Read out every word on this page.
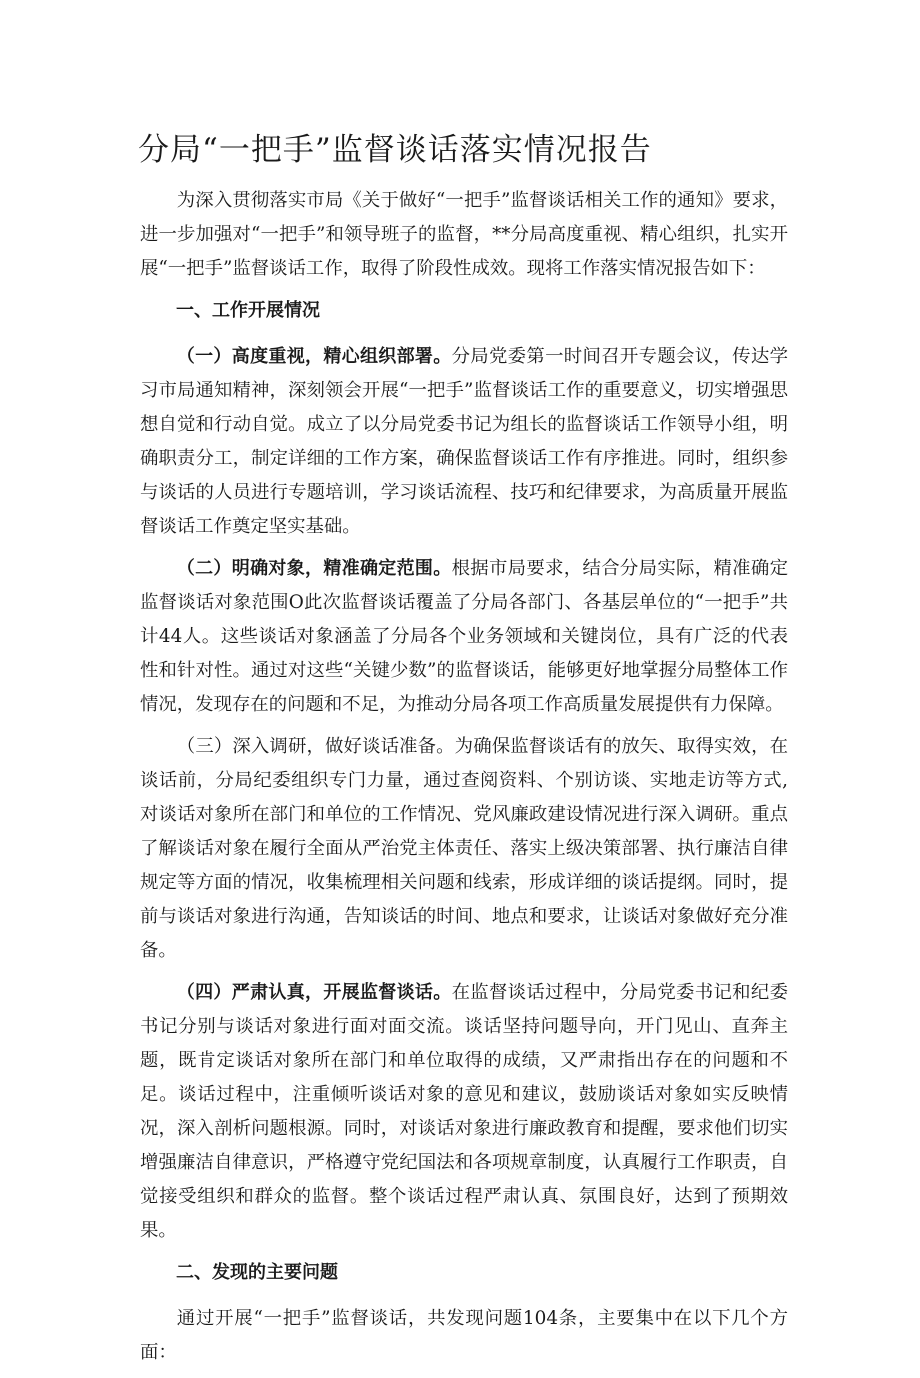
分局“一把手”监督谈话落实情况报告

为深入贯彻落实市局《关于做好“一把手”监督谈话相关工作的通知》要求，进一步加强对“一把手”和领导班子的监督，**分局高度重视、精心组织，扎实开展“一把手”监督谈话工作，取得了阶段性成效。现将工作落实情况报告如下：

一、工作开展情况

（一）高度重视，精心组织部署。分局党委第一时间召开专题会议，传达学习市局通知精神，深刻领会开展“一把手”监督谈话工作的重要意义，切实增强思想自觉和行动自觉。成立了以分局党委书记为组长的监督谈话工作领导小组，明确职责分工，制定详细的工作方案，确保监督谈话工作有序推进。同时，组织参与谈话的人员进行专题培训，学习谈话流程、技巧和纪律要求，为高质量开展监督谈话工作奠定坚实基础。

（二）明确对象，精准确定范围。根据市局要求，结合分局实际，精准确定监督谈话对象范围O此次监督谈话覆盖了分局各部门、各基层单位的“一把手”共计44人。这些谈话对象涵盖了分局各个业务领域和关键岗位，具有广泛的代表性和针对性。通过对这些“关键少数”的监督谈话，能够更好地掌握分局整体工作情况，发现存在的问题和不足，为推动分局各项工作高质量发展提供有力保障。

（三）深入调研，做好谈话准备。为确保监督谈话有的放矢、取得实效，在谈话前，分局纪委组织专门力量，通过查阅资料、个别访谈、实地走访等方式,对谈话对象所在部门和单位的工作情况、党风廉政建设情况进行深入调研。重点了解谈话对象在履行全面从严治党主体责任、落实上级决策部署、执行廉洁自律规定等方面的情况，收集梳理相关问题和线索，形成详细的谈话提纲。同时，提前与谈话对象进行沟通，告知谈话的时间、地点和要求，让谈话对象做好充分准备。

（四）严肃认真，开展监督谈话。在监督谈话过程中，分局党委书记和纪委书记分别与谈话对象进行面对面交流。谈话坚持问题导向，开门见山、直奔主题，既肯定谈话对象所在部门和单位取得的成绩，又严肃指出存在的问题和不足。谈话过程中，注重倾听谈话对象的意见和建议，鼓励谈话对象如实反映情况，深入剖析问题根源。同时，对谈话对象进行廉政教育和提醒，要求他们切实增强廉洁自律意识，严格遵守党纪国法和各项规章制度，认真履行工作职责，自觉接受组织和群众的监督。整个谈话过程严肃认真、氛围良好，达到了预期效果。

二、发现的主要问题

通过开展“一把手”监督谈话，共发现问题104条，主要集中在以下几个方面：
